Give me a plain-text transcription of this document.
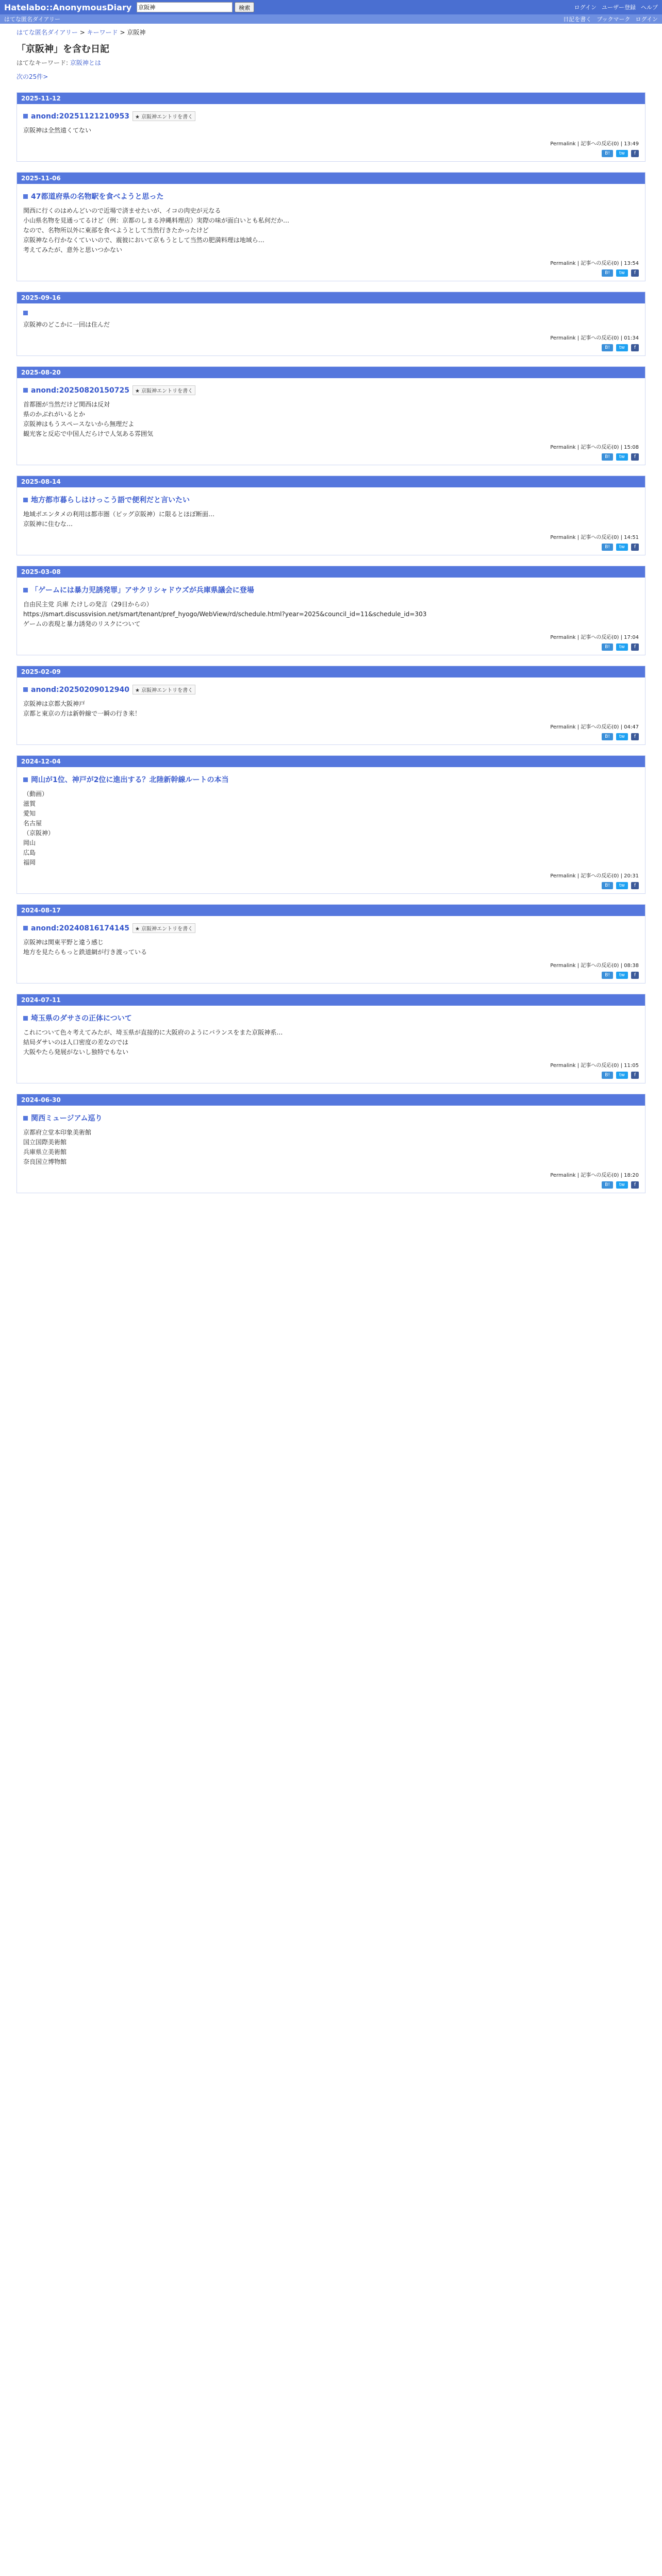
Hatelabo::AnonymousDiary
京阪神	検索	ログイン ユーザー登録 ヘルプ
はてな匿名ダイアリー	日記を書く ブックマーク ログイン
はてな匿名ダイアリー > キーワード > 京阪神
「京阪神」を含む日記
はてなキーワード: 京阪神とは
次の25件>
2025-11-12
anond:20251121210953	★ 京阪神エントリを書く
京阪神は全然遠くてない
Permalink | 記事への反応(0) | 13:49
B!	tw	f
2025-11-06
47都道府県の名物駅を食べようと思った
関西に行くのはめんどいので近場で済ませたいが、イコの肉史が元なる
小山県名物を見通ってるけど（例：京都のしまる沖縄料理店）実際の味が面白いとも私何だか…
なので、名物所以外に東部を食べようとして当然行きたかったけど
京阪神なら行かなくていいので、震彼において京もうとして当然の肥満料理は地域ら…
考えてみたが、意外と思いつかない
Permalink | 記事への反応(0) | 13:54
B!	tw	f
2025-09-16
京阪神のどこかに一回は住んだ
Permalink | 記事への反応(0) | 01:34
B!	tw	f
2025-08-20
anond:20250820150725	★ 京阪神エントリを書く
首都圏が当然だけど関西は反対
県のかぶれがいるとか
京阪神はもうスペースないから無理だよ
観光客と反応で中国人だらけで人気ある雰囲気
Permalink | 記事への反応(0) | 15:08
B!	tw	f
2025-08-14
地方都市暮らしはけっこう語で便利だと言いたい
地域ポエンタメの利用は都市圏（ビッグ京阪神）に限るとほぼ断面…
京阪神に住むな…
Permalink | 記事への反応(0) | 14:51
B!	tw	f
2025-03-08
「ゲームには暴力児誘発罪」アサクリシャドウズが兵庫県議会に登場
自由民主党 兵庫 たけしの発言（29日からの）
https://smart.discussvision.net/smart/tenant/pref_hyogo/WebView/rd/schedule.html?year=2025&council_id=11&schedule_id=303
ゲームの表現と暴力誘発のリスクについて
Permalink | 記事への反応(0) | 17:04
B!	tw	f
2025-02-09
anond:20250209012940	★ 京阪神エントリを書く
京阪神は京都大阪神戸
京都と東京の方は新幹線で一瞬の行き来！
Permalink | 記事への反応(0) | 04:47
B!	tw	f
2024-12-04
岡山が1位、神戸が2位に進出する？北陸新幹線ルートの本当
（動画）
滋賀
愛知
名古屋
（京阪神）
岡山
広島
福岡
Permalink | 記事への反応(0) | 20:31
B!	tw	f
2024-08-17
anond:20240816174145	★ 京阪神エントリを書く
京阪神は関東平野と違う感じ
地方を見たらもっと鉄道網が行き渡っている
Permalink | 記事への反応(0) | 08:38
B!	tw	f
2024-07-11
埼玉県のダサさの正体について
これについて色々考えてみたが、埼玉県が直接的に大阪府のようにバランスをまた京阪神系…
結局ダサいのは人口密度の差なのでは
大阪やたら発展がないし独特でもない
Permalink | 記事への反応(0) | 11:05
B!	tw	f
2024-06-30
関西ミュージアム巡り
京都府立堂本印象美術館
国立国際美術館
兵庫県立美術館
奈良国立博物館
Permalink | 記事への反応(0) | 18:20
B!	tw	f
